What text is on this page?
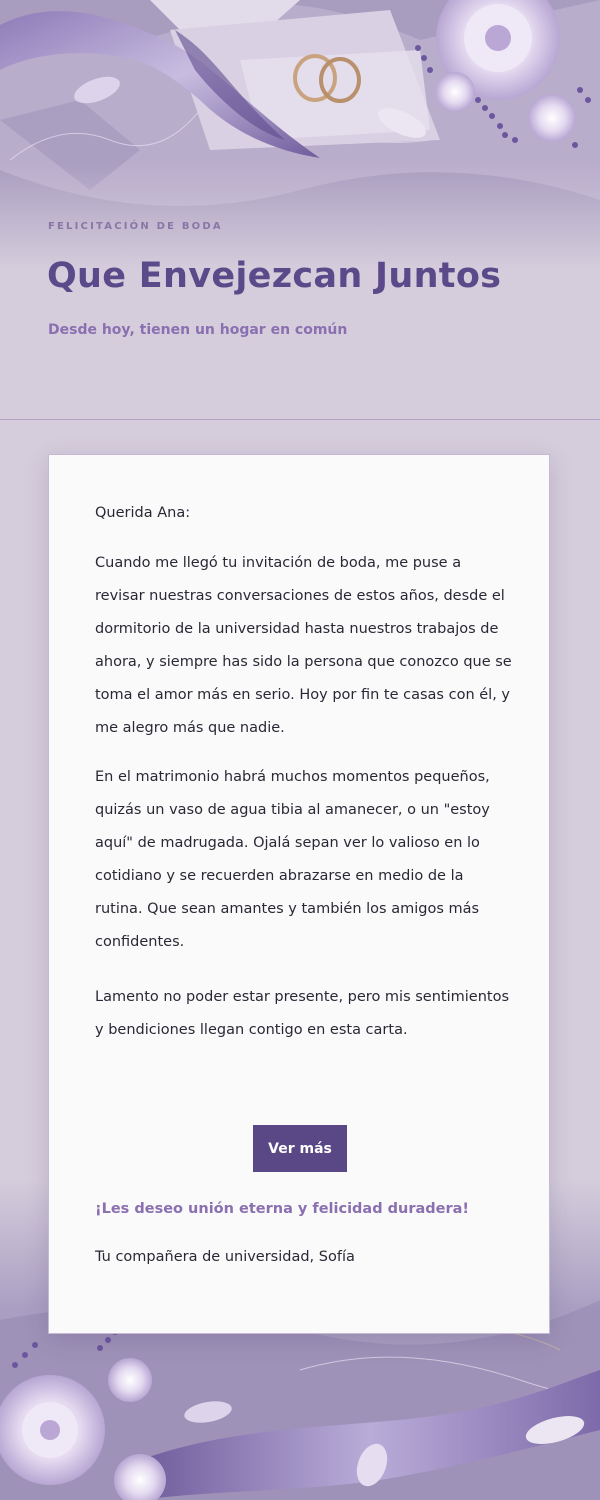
FELICITACIÓN DE BODA
Que Envejezcan Juntos
Desde hoy, tienen un hogar en común

Querida Ana:

Cuando me llegó tu invitación de boda, me puse a revisar nuestras conversaciones de estos años, desde el dormitorio de la universidad hasta nuestros trabajos de ahora, y siempre has sido la persona que conozco que se toma el amor más en serio. Hoy por fin te casas con él, y me alegro más que nadie.

En el matrimonio habrá muchos momentos pequeños, quizás un vaso de agua tibia al amanecer, o un "estoy aquí" de madrugada. Ojalá sepan ver lo valioso en lo cotidiano y se recuerden abrazarse en medio de la rutina. Que sean amantes y también los amigos más confidentes.

Lamento no poder estar presente, pero mis sentimientos y bendiciones llegan contigo en esta carta.

Ver más

¡Les deseo unión eterna y felicidad duradera!

Tu compañera de universidad, Sofía
